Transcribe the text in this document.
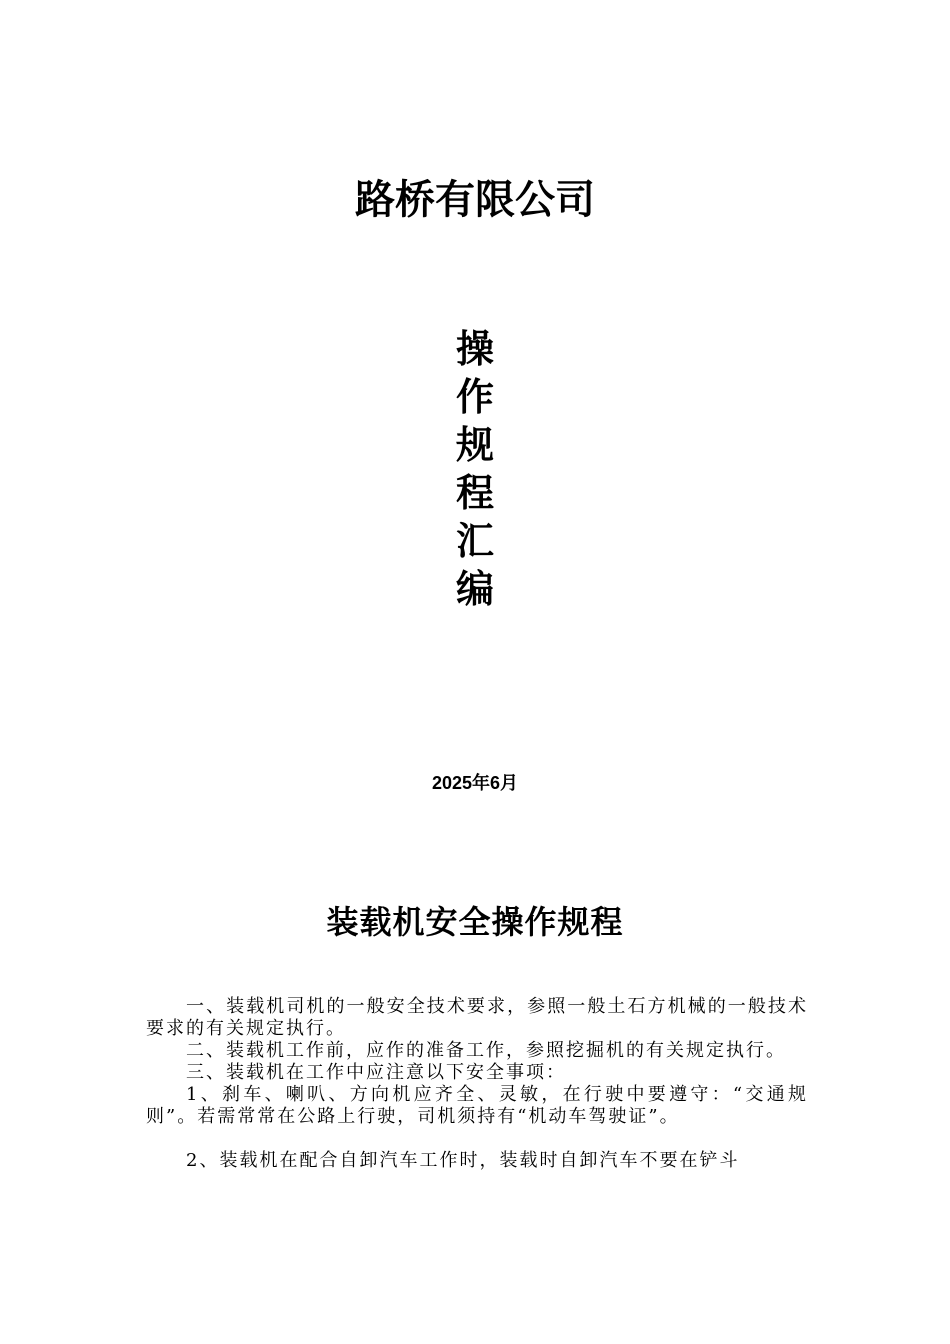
路桥有限公司
操
作
规
程
汇
编
2025年6月
装载机安全操作规程

一、装载机司机的一般安全技术要求，参照一般土石方机械的一般技术要求的有关规定执行。

二、装载机工作前，应作的准备工作，参照挖掘机的有关规定执行。

三、装载机在工作中应注意以下安全事项：

1、刹车、喇叭、方向机应齐全、灵敏，在行驶中要遵守：“交通规则”。若需常常在公路上行驶，司机须持有“机动车驾驶证”。

2、装载机在配合自卸汽车工作时，装载时自卸汽车不要在铲斗
